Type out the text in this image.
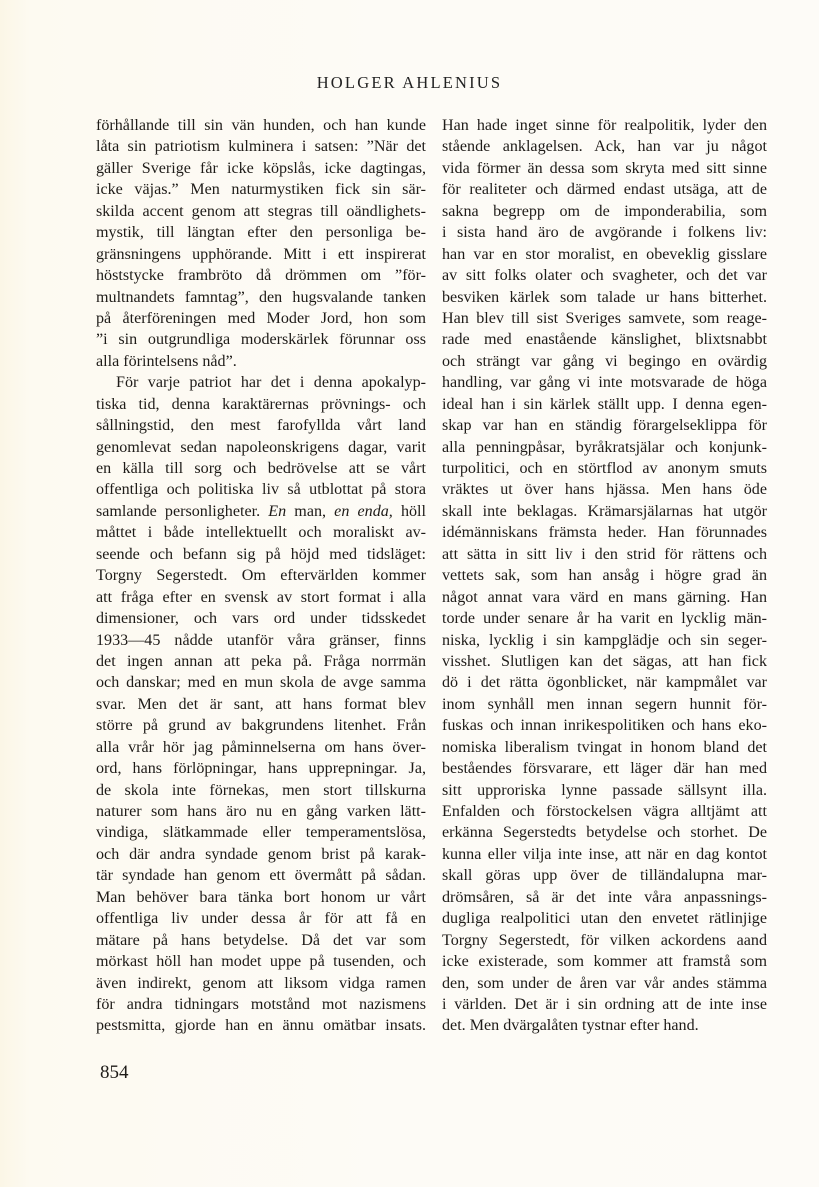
HOLGER AHLENIUS
förhållande till sin vän hunden, och han kunde
låta sin patriotism kulminera i satsen: ”När det
gäller Sverige får icke köpslås, icke dagtingas,
icke väjas.” Men naturmystiken fick sin sär-
skilda accent genom att stegras till oändlighets-
mystik, till längtan efter den personliga be-
gränsningens upphörande. Mitt i ett inspirerat
höststycke frambröto då drömmen om ”för-
multnandets famntag”, den hugsvalande tanken
på återföreningen med Moder Jord, hon som
”i sin outgrundliga moderskärlek förunnar oss
alla förintelsens nåd”.
För varje patriot har det i denna apokalyp-
tiska tid, denna karaktärernas prövnings- och
sållningstid, den mest farofyllda vårt land
genomlevat sedan napoleonskrigens dagar, varit
en källa till sorg och bedrövelse att se vårt
offentliga och politiska liv så utblottat på stora
samlande personligheter. En man, en enda, höll
måttet i både intellektuellt och moraliskt av-
seende och befann sig på höjd med tidsläget:
Torgny Segerstedt. Om eftervärlden kommer
att fråga efter en svensk av stort format i alla
dimensioner, och vars ord under tidsskedet
1933—45 nådde utanför våra gränser, finns
det ingen annan att peka på. Fråga norrmän
och danskar; med en mun skola de avge samma
svar. Men det är sant, att hans format blev
större på grund av bakgrundens litenhet. Från
alla vrår hör jag påminnelserna om hans över-
ord, hans förlöpningar, hans upprepningar. Ja,
de skola inte förnekas, men stort tillskurna
naturer som hans äro nu en gång varken lätt-
vindiga, slätkammade eller temperamentslösa,
och där andra syndade genom brist på karak-
tär syndade han genom ett övermått på sådan.
Man behöver bara tänka bort honom ur vårt
offentliga liv under dessa år för att få en
mätare på hans betydelse. Då det var som
mörkast höll han modet uppe på tusenden, och
även indirekt, genom att liksom vidga ramen
för andra tidningars motstånd mot nazismens
pestsmitta, gjorde han en ännu omätbar insats.
Han hade inget sinne för realpolitik, lyder den
stående anklagelsen. Ack, han var ju något
vida förmer än dessa som skryta med sitt sinne
för realiteter och därmed endast utsäga, att de
sakna begrepp om de imponderabilia, som
i sista hand äro de avgörande i folkens liv:
han var en stor moralist, en obeveklig gisslare
av sitt folks olater och svagheter, och det var
besviken kärlek som talade ur hans bitterhet.
Han blev till sist Sveriges samvete, som reage-
rade med enastående känslighet, blixtsnabbt
och strängt var gång vi begingo en ovärdig
handling, var gång vi inte motsvarade de höga
ideal han i sin kärlek ställt upp. I denna egen-
skap var han en ständig förargelseklippa för
alla penningpåsar, byråkratsjälar och konjunk-
turpolitici, och en störtflod av anonym smuts
vräktes ut över hans hjässa. Men hans öde
skall inte beklagas. Krämarsjälarnas hat utgör
idémänniskans främsta heder. Han förunnades
att sätta in sitt liv i den strid för rättens och
vettets sak, som han ansåg i högre grad än
något annat vara värd en mans gärning. Han
torde under senare år ha varit en lycklig män-
niska, lycklig i sin kampglädje och sin seger-
visshet. Slutligen kan det sägas, att han fick
dö i det rätta ögonblicket, när kampmålet var
inom synhåll men innan segern hunnit för-
fuskas och innan inrikespolitiken och hans eko-
nomiska liberalism tvingat in honom bland det
beståendes försvarare, ett läger där han med
sitt upproriska lynne passade sällsynt illa.
Enfalden och förstockelsen vägra alltjämt att
erkänna Segerstedts betydelse och storhet. De
kunna eller vilja inte inse, att när en dag kontot
skall göras upp över de tilländalupna mar-
drömsåren, så är det inte våra anpassnings-
dugliga realpolitici utan den envetet rätlinjige
Torgny Segerstedt, för vilken ackordens aand
icke existerade, som kommer att framstå som
den, som under de åren var vår andes stämma
i världen. Det är i sin ordning att de inte inse
det. Men dvärgalåten tystnar efter hand.
854
